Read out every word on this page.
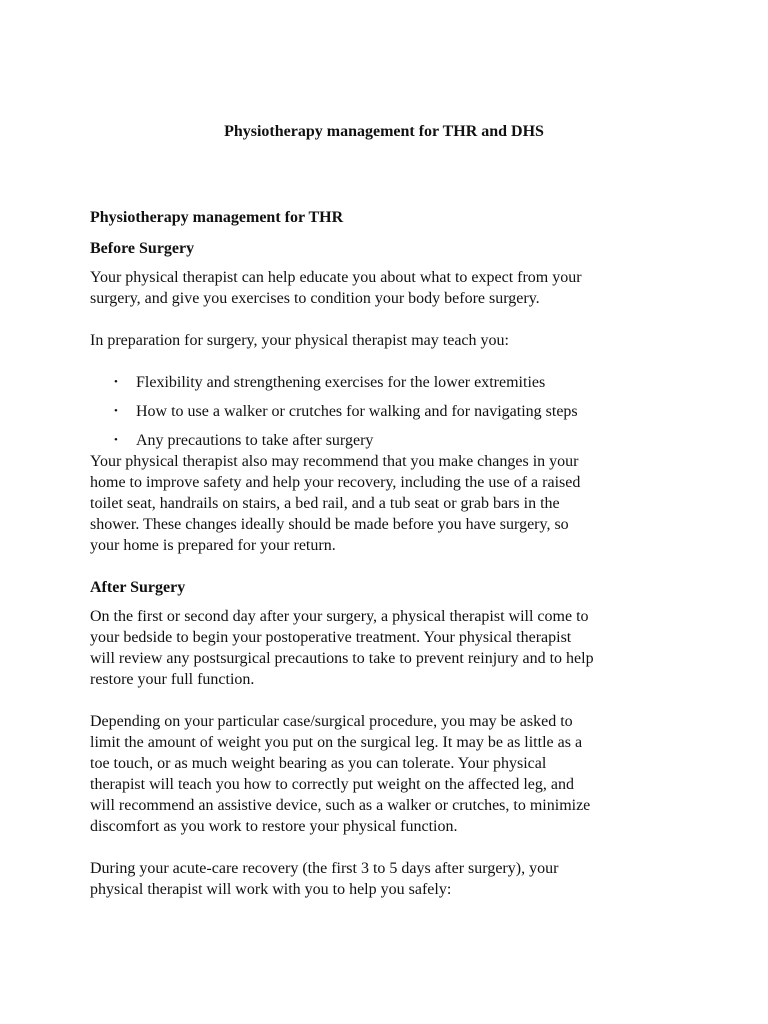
Physiotherapy management for THR and DHS
Physiotherapy management for THR
Before Surgery

Your physical therapist can help educate you about what to expect from your
surgery, and give you exercises to condition your body before surgery.

In preparation for surgery, your physical therapist may teach you:

• Flexibility and strengthening exercises for the lower extremities
• How to use a walker or crutches for walking and for navigating steps
• Any precautions to take after surgery

Your physical therapist also may recommend that you make changes in your
home to improve safety and help your recovery, including the use of a raised
toilet seat, handrails on stairs, a bed rail, and a tub seat or grab bars in the
shower. These changes ideally should be made before you have surgery, so
your home is prepared for your return.

After Surgery

On the first or second day after your surgery, a physical therapist will come to
your bedside to begin your postoperative treatment. Your physical therapist
will review any postsurgical precautions to take to prevent reinjury and to help
restore your full function.

Depending on your particular case/surgical procedure, you may be asked to
limit the amount of weight you put on the surgical leg. It may be as little as a
toe touch, or as much weight bearing as you can tolerate. Your physical
therapist will teach you how to correctly put weight on the affected leg, and
will recommend an assistive device, such as a walker or crutches, to minimize
discomfort as you work to restore your physical function.

During your acute-care recovery (the first 3 to 5 days after surgery), your
physical therapist will work with you to help you safely:
